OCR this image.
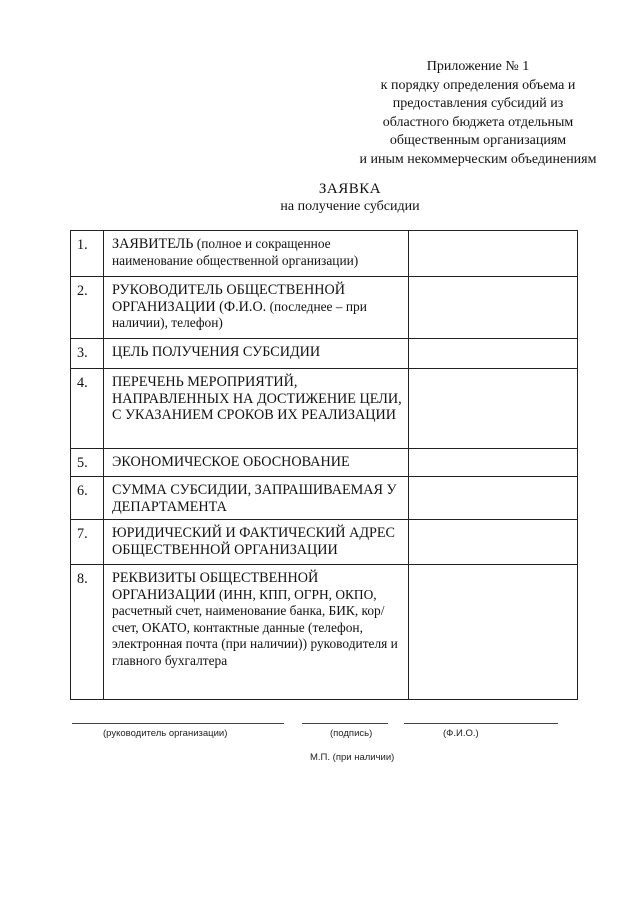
Приложение № 1
к порядку определения объема и
предоставления субсидий из
областного бюджета отдельным
общественным организациям
и иным некоммерческим объединениям
ЗАЯВКА
на получение субсидии
1.	ЗАЯВИТЕЛЬ (полное и сокращенное наименование общественной организации)	
2.	РУКОВОДИТЕЛЬ ОБЩЕСТВЕННОЙ ОРГАНИЗАЦИИ (Ф.И.О. (последнее – при наличии), телефон)	
3.	ЦЕЛЬ ПОЛУЧЕНИЯ СУБСИДИИ	
4.	ПЕРЕЧЕНЬ МЕРОПРИЯТИЙ, НАПРАВЛЕННЫХ НА ДОСТИЖЕНИЕ ЦЕЛИ, С УКАЗАНИЕМ СРОКОВ ИХ РЕАЛИЗАЦИИ	
5.	ЭКОНОМИЧЕСКОЕ ОБОСНОВАНИЕ	
6.	СУММА СУБСИДИИ, ЗАПРАШИВАЕМАЯ У ДЕПАРТАМЕНТА	
7.	ЮРИДИЧЕСКИЙ И ФАКТИЧЕСКИЙ АДРЕС ОБЩЕСТВЕННОЙ ОРГАНИЗАЦИИ	
8.	РЕКВИЗИТЫ ОБЩЕСТВЕННОЙ ОРГАНИЗАЦИИ (ИНН, КПП, ОГРН, ОКПО, расчетный счет, наименование банка, БИК, кор/счет, ОКАТО, контактные данные (телефон, электронная почта (при наличии)) руководителя и главного бухгалтера	
(руководитель организации)	(подпись)	(Ф.И.О.)
М.П. (при наличии)
